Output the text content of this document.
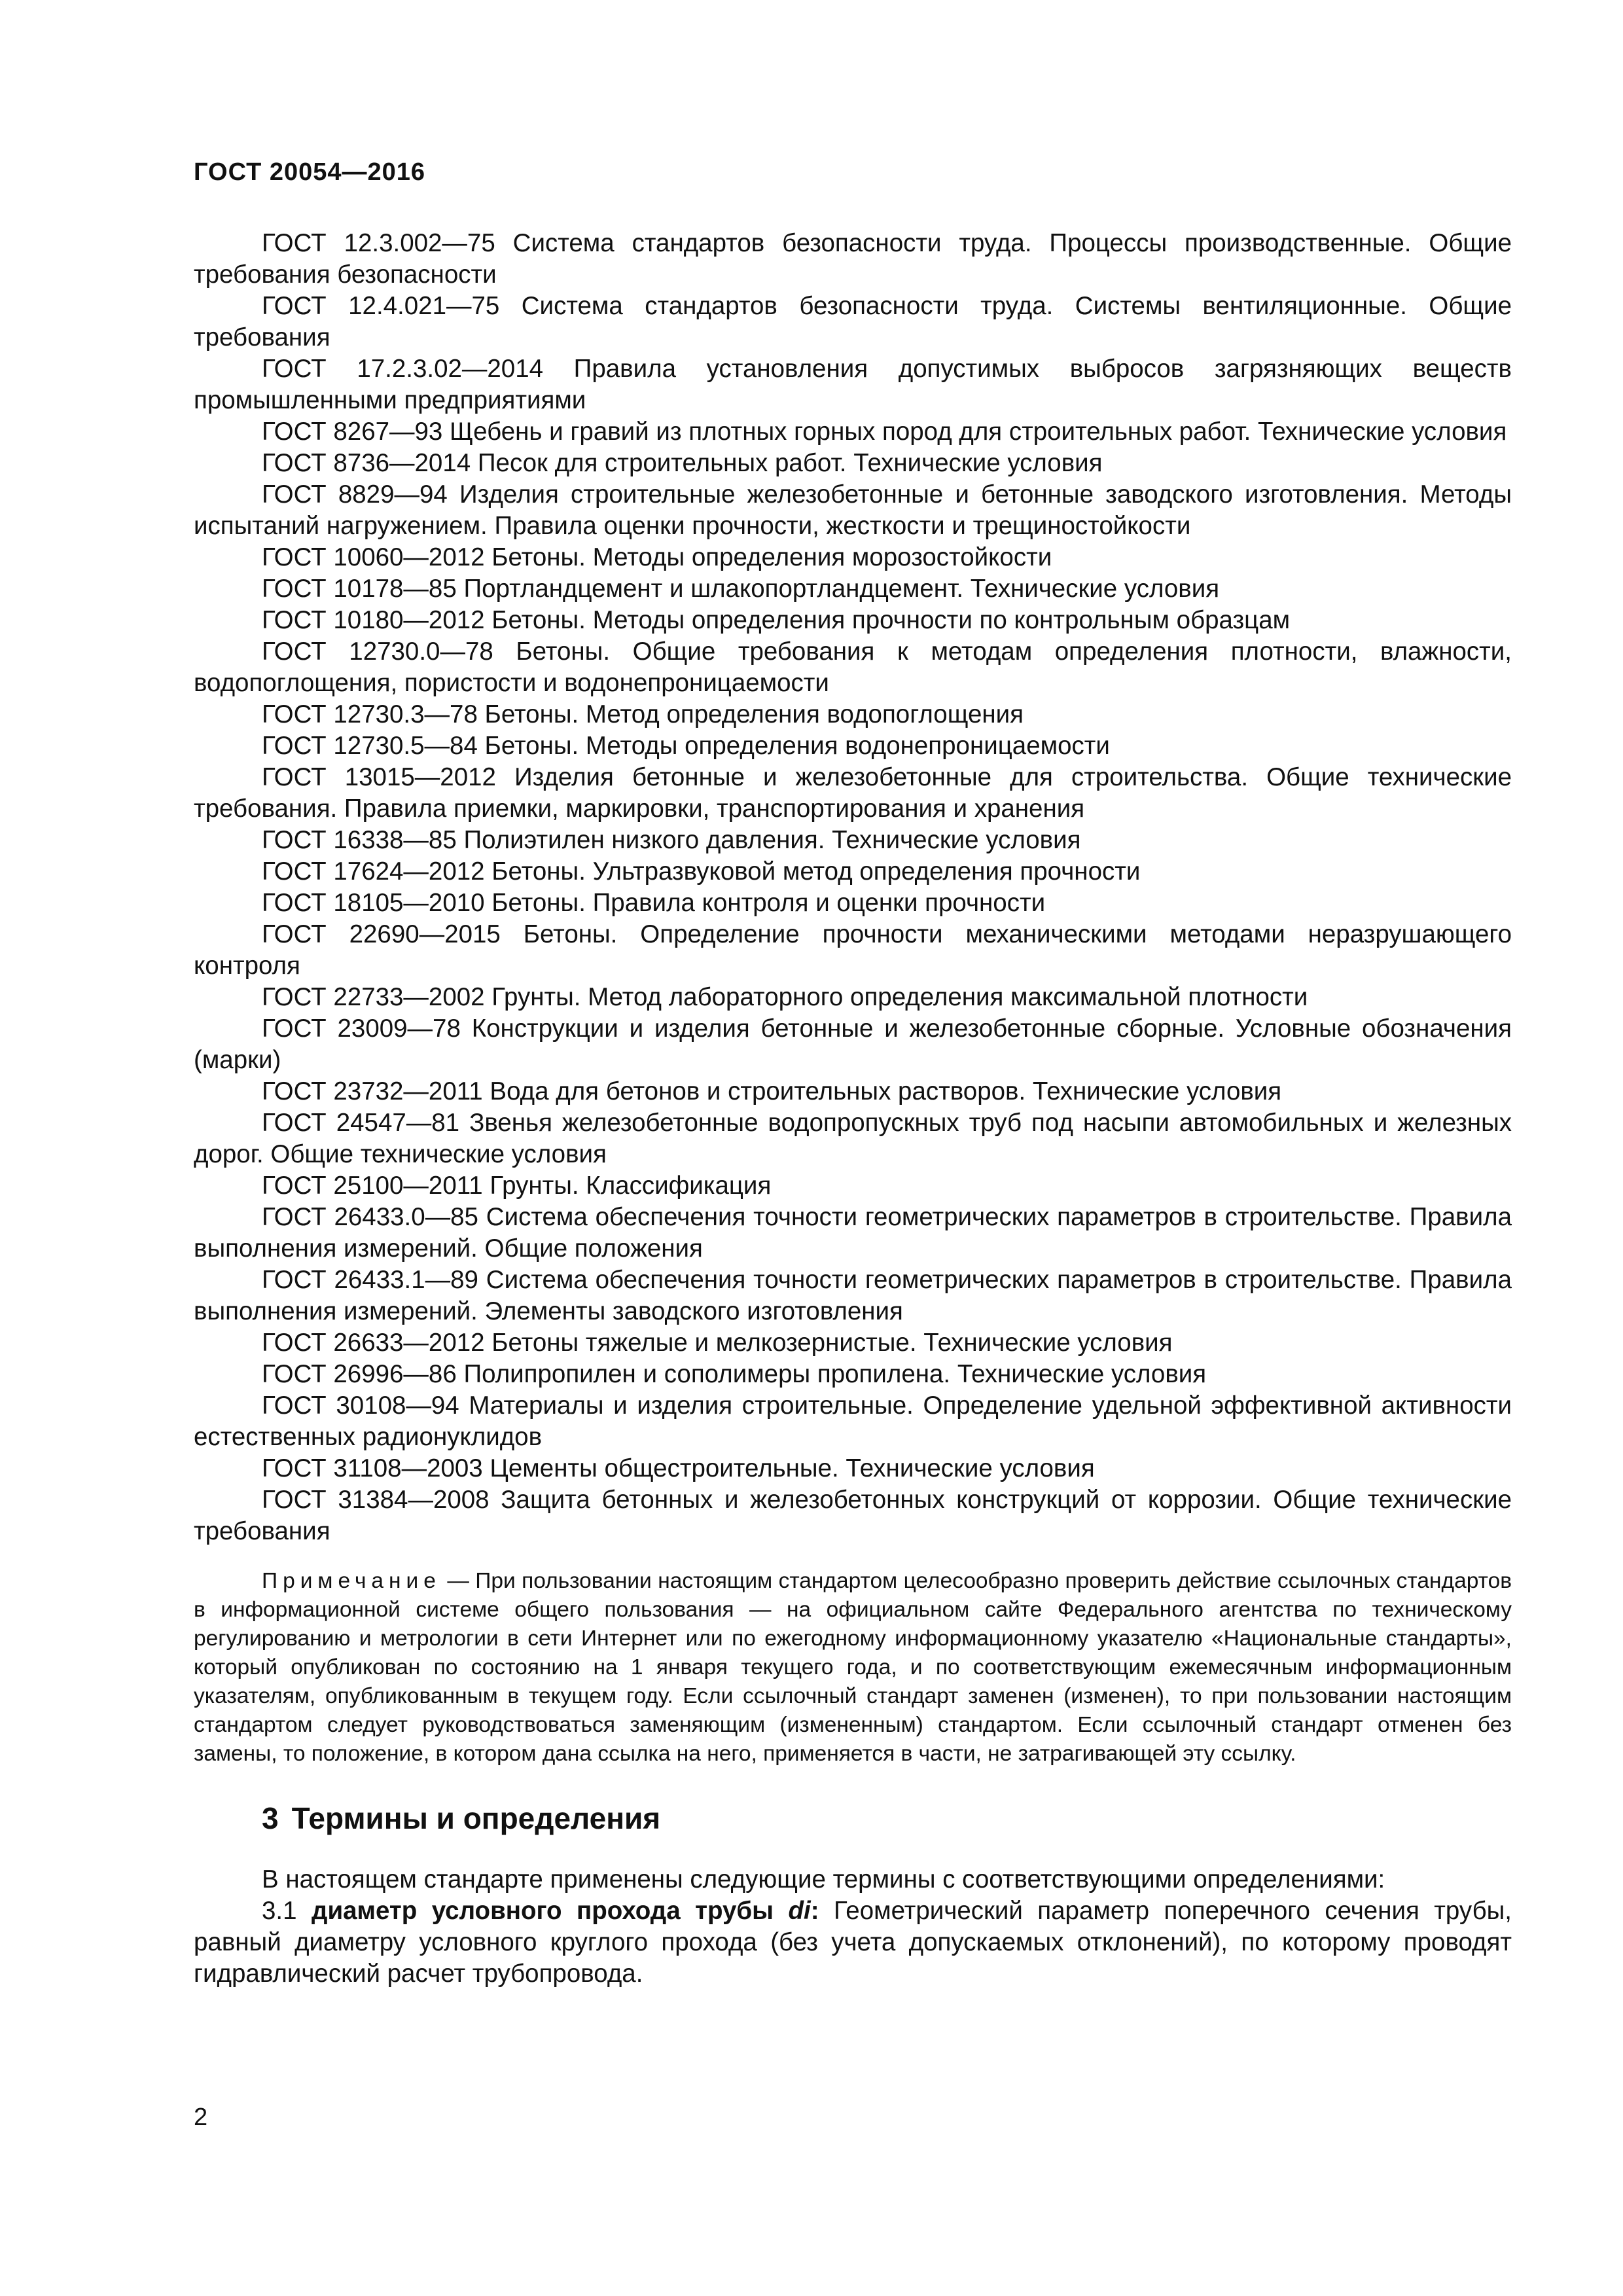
ГОСТ 20054—2016

ГОСТ 12.3.002—75 Система стандартов безопасности труда. Процессы производственные. Общие требования безопасности

ГОСТ 12.4.021—75 Система стандартов безопасности труда. Системы вентиляционные. Общие требования

ГОСТ 17.2.3.02—2014 Правила установления допустимых выбросов загрязняющих веществ промышленными предприятиями

ГОСТ 8267—93 Щебень и гравий из плотных горных пород для строительных работ. Технические условия

ГОСТ 8736—2014 Песок для строительных работ. Технические условия

ГОСТ 8829—94 Изделия строительные железобетонные и бетонные заводского изготовления. Методы испытаний нагружением. Правила оценки прочности, жесткости и трещиностойкости

ГОСТ 10060—2012 Бетоны. Методы определения морозостойкости

ГОСТ 10178—85 Портландцемент и шлакопортландцемент. Технические условия

ГОСТ 10180—2012 Бетоны. Методы определения прочности по контрольным образцам

ГОСТ 12730.0—78 Бетоны. Общие требования к методам определения плотности, влажности, водопоглощения, пористости и водонепроницаемости

ГОСТ 12730.3—78 Бетоны. Метод определения водопоглощения

ГОСТ 12730.5—84 Бетоны. Методы определения водонепроницаемости

ГОСТ 13015—2012 Изделия бетонные и железобетонные для строительства. Общие технические требования. Правила приемки, маркировки, транспортирования и хранения

ГОСТ 16338—85 Полиэтилен низкого давления. Технические условия

ГОСТ 17624—2012 Бетоны. Ультразвуковой метод определения прочности

ГОСТ 18105—2010 Бетоны. Правила контроля и оценки прочности

ГОСТ 22690—2015 Бетоны. Определение прочности механическими методами неразрушающего контроля

ГОСТ 22733—2002 Грунты. Метод лабораторного определения максимальной плотности

ГОСТ 23009—78 Конструкции и изделия бетонные и железобетонные сборные. Условные обозначения (марки)

ГОСТ 23732—2011 Вода для бетонов и строительных растворов. Технические условия

ГОСТ 24547—81 Звенья железобетонные водопропускных труб под насыпи автомобильных и железных дорог. Общие технические условия

ГОСТ 25100—2011 Грунты. Классификация

ГОСТ 26433.0—85 Система обеспечения точности геометрических параметров в строительстве. Правила выполнения измерений. Общие положения

ГОСТ 26433.1—89 Система обеспечения точности геометрических параметров в строительстве. Правила выполнения измерений. Элементы заводского изготовления

ГОСТ 26633—2012 Бетоны тяжелые и мелкозернистые. Технические условия

ГОСТ 26996—86 Полипропилен и сополимеры пропилена. Технические условия

ГОСТ 30108—94 Материалы и изделия строительные. Определение удельной эффективной активности естественных радионуклидов

ГОСТ 31108—2003 Цементы общестроительные. Технические условия

ГОСТ 31384—2008 Защита бетонных и железобетонных конструкций от коррозии. Общие технические требования

Примечание — При пользовании настоящим стандартом целесообразно проверить действие ссылочных стандартов в информационной системе общего пользования — на официальном сайте Федерального агентства по техническому регулированию и метрологии в сети Интернет или по ежегодному информационному указателю «Национальные стандарты», который опубликован по состоянию на 1 января текущего года, и по соответствующим ежемесячным информационным указателям, опубликованным в текущем году. Если ссылочный стандарт заменен (изменен), то при пользовании настоящим стандартом следует руководствоваться заменяющим (измененным) стандартом. Если ссылочный стандарт отменен без замены, то положение, в котором дана ссылка на него, применяется в части, не затрагивающей эту ссылку.
3 Термины и определения

В настоящем стандарте применены следующие термины с соответствующими определениями:

3.1 диаметр условного прохода трубы di: Геометрический параметр поперечного сечения трубы, равный диаметру условного круглого прохода (без учета допускаемых отклонений), по которому проводят гидравлический расчет трубопровода.

2
